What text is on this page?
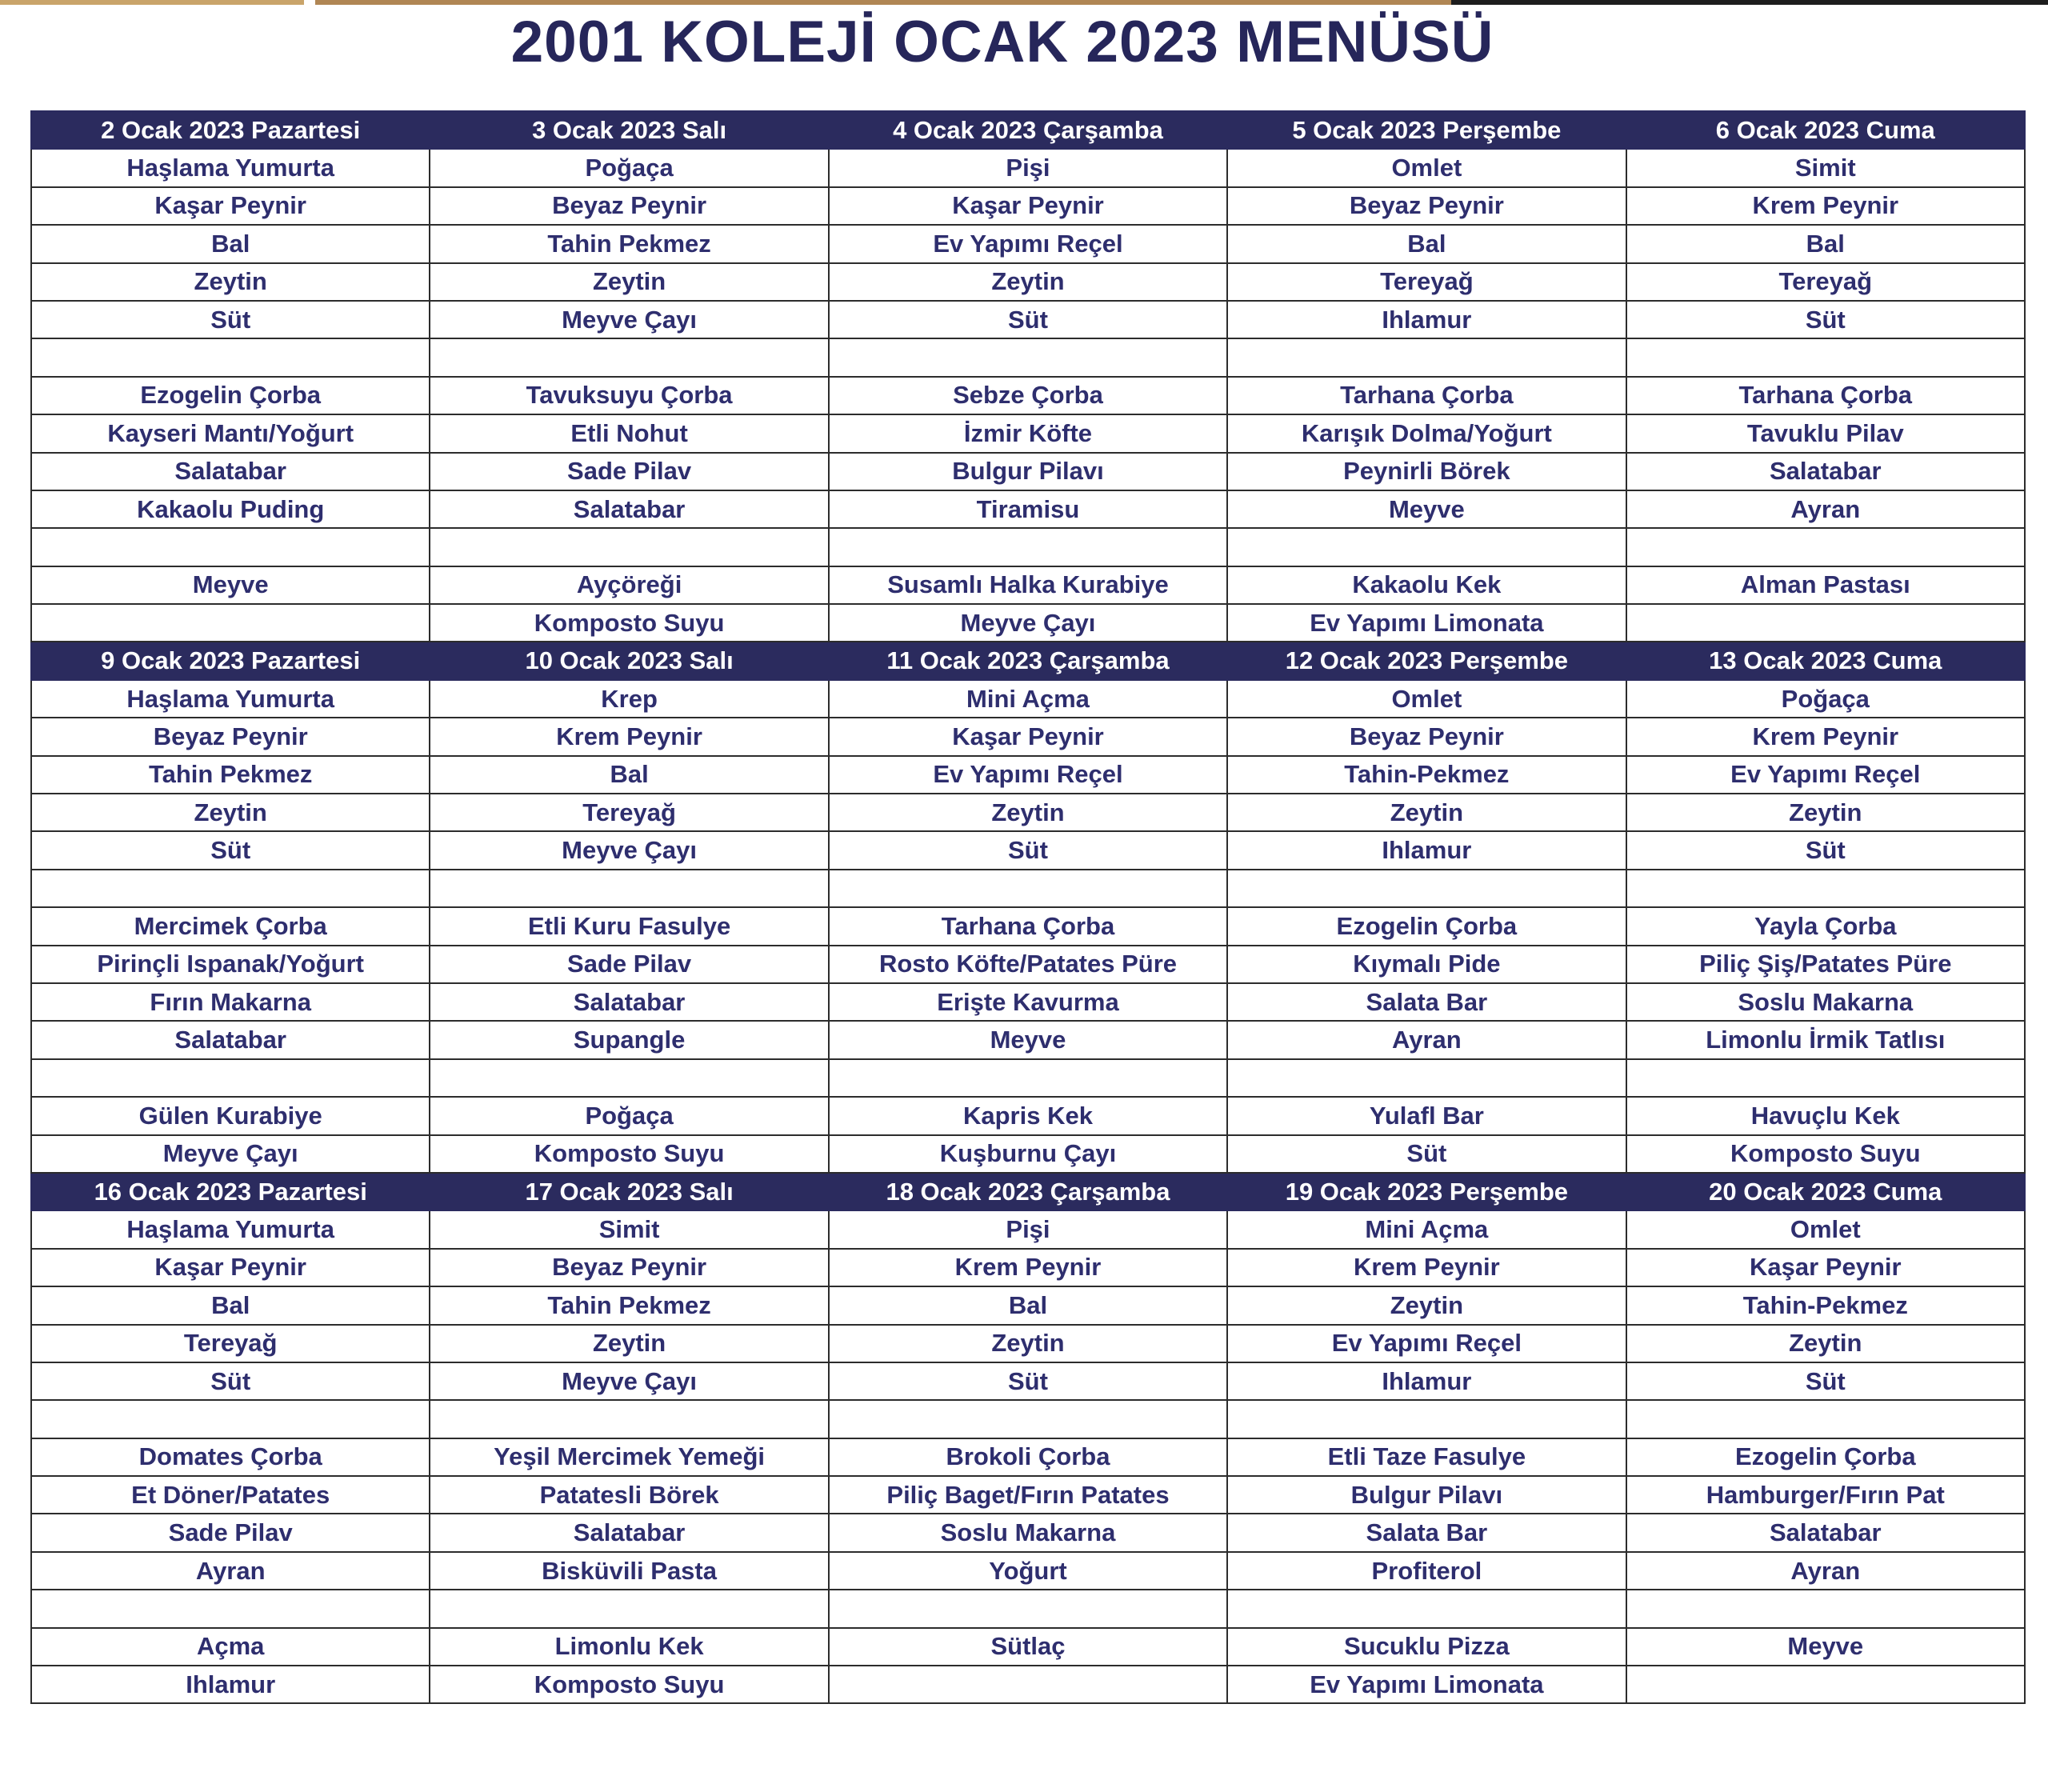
2001 KOLEJİ OCAK 2023 MENÜSÜ
2 Ocak 2023 Pazartesi	3 Ocak 2023 Salı	4 Ocak 2023 Çarşamba	5 Ocak 2023 Perşembe	6 Ocak 2023 Cuma
Haşlama Yumurta	Poğaça	Pişi	Omlet	Simit
Kaşar Peynir	Beyaz Peynir	Kaşar Peynir	Beyaz Peynir	Krem Peynir
Bal	Tahin Pekmez	Ev Yapımı Reçel	Bal	Bal
Zeytin	Zeytin	Zeytin	Tereyağ	Tereyağ
Süt	Meyve Çayı	Süt	Ihlamur	Süt

Ezogelin Çorba	Tavuksuyu Çorba	Sebze Çorba	Tarhana Çorba	Tarhana Çorba
Kayseri Mantı/Yoğurt	Etli Nohut	İzmir Köfte	Karışık Dolma/Yoğurt	Tavuklu Pilav
Salatabar	Sade Pilav	Bulgur Pilavı	Peynirli Börek	Salatabar
Kakaolu Puding	Salatabar	Tiramisu	Meyve	Ayran

Meyve	Ayçöreği	Susamlı Halka Kurabiye	Kakaolu Kek	Alman Pastası
	Komposto Suyu	Meyve Çayı	Ev Yapımı Limonata	
9 Ocak 2023 Pazartesi	10 Ocak 2023 Salı	11 Ocak 2023 Çarşamba	12 Ocak 2023 Perşembe	13 Ocak 2023 Cuma
Haşlama Yumurta	Krep	Mini Açma	Omlet	Poğaça
Beyaz Peynir	Krem Peynir	Kaşar Peynir	Beyaz Peynir	Krem Peynir
Tahin Pekmez	Bal	Ev Yapımı Reçel	Tahin-Pekmez	Ev Yapımı Reçel
Zeytin	Tereyağ	Zeytin	Zeytin	Zeytin
Süt	Meyve Çayı	Süt	Ihlamur	Süt

Mercimek Çorba	Etli Kuru Fasulye	Tarhana Çorba	Ezogelin Çorba	Yayla Çorba
Pirinçli Ispanak/Yoğurt	Sade Pilav	Rosto Köfte/Patates Püre	Kıymalı Pide	Piliç Şiş/Patates Püre
Fırın Makarna	Salatabar	Erişte Kavurma	Salata Bar	Soslu Makarna
Salatabar	Supangle	Meyve	Ayran	Limonlu İrmik Tatlısı

Gülen Kurabiye	Poğaça	Kapris Kek	Yulafl Bar	Havuçlu Kek
Meyve Çayı	Komposto Suyu	Kuşburnu Çayı	Süt	Komposto Suyu
16 Ocak 2023 Pazartesi	17 Ocak 2023 Salı	18 Ocak 2023 Çarşamba	19 Ocak 2023 Perşembe	20 Ocak 2023 Cuma
Haşlama Yumurta	Simit	Pişi	Mini Açma	Omlet
Kaşar Peynir	Beyaz Peynir	Krem Peynir	Krem Peynir	Kaşar Peynir
Bal	Tahin Pekmez	Bal	Zeytin	Tahin-Pekmez
Tereyağ	Zeytin	Zeytin	Ev Yapımı Reçel	Zeytin
Süt	Meyve Çayı	Süt	Ihlamur	Süt

Domates Çorba	Yeşil Mercimek Yemeği	Brokoli Çorba	Etli Taze Fasulye	Ezogelin Çorba
Et Döner/Patates	Patatesli Börek	Piliç Baget/Fırın Patates	Bulgur Pilavı	Hamburger/Fırın Pat
Sade Pilav	Salatabar	Soslu Makarna	Salata Bar	Salatabar
Ayran	Bisküvili Pasta	Yoğurt	Profiterol	Ayran

Açma	Limonlu Kek	Sütlaç	Sucuklu Pizza	Meyve
Ihlamur	Komposto Suyu		Ev Yapımı Limonata	
